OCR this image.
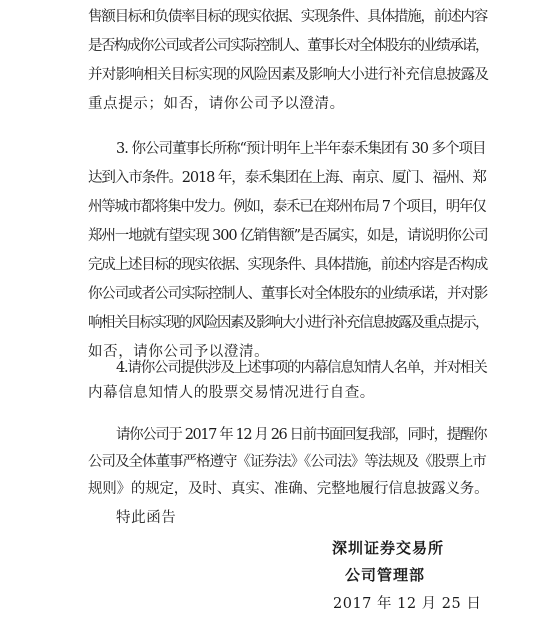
售额目标和负债率目标的现实依据、实现条件、具体措施，前述内容
是否构成你公司或者公司实际控制人、董事长对全体股东的业绩承诺，
并对影响相关目标实现的风险因素及影响大小进行补充信息披露及
重点提示；如否，请你公司予以澄清。
3. 你公司董事长所称“预计明年上半年泰禾集团有 30 多个项目
达到入市条件。2018 年，泰禾集团在上海、南京、厦门、福州、郑
州等城市都将集中发力。例如，泰禾已在郑州布局 7 个项目，明年仅
郑州一地就有望实现 300 亿销售额”是否属实，如是，请说明你公司
完成上述目标的现实依据、实现条件、具体措施，前述内容是否构成
你公司或者公司实际控制人、董事长对全体股东的业绩承诺，并对影
响相关目标实现的风险因素及影响大小进行补充信息披露及重点提示，
如否，请你公司予以澄清。
4.请你公司提供涉及上述事项的内幕信息知情人名单，并对相关
内幕信息知情人的股票交易情况进行自查。
请你公司于 2017 年 12 月 26 日前书面回复我部，同时，提醒你
公司及全体董事严格遵守《证券法》《公司法》等法规及《股票上市
规则》的规定，及时、真实、准确、完整地履行信息披露义务。
特此函告
深圳证券交易所
公司管理部
2017 年 12 月 25 日
